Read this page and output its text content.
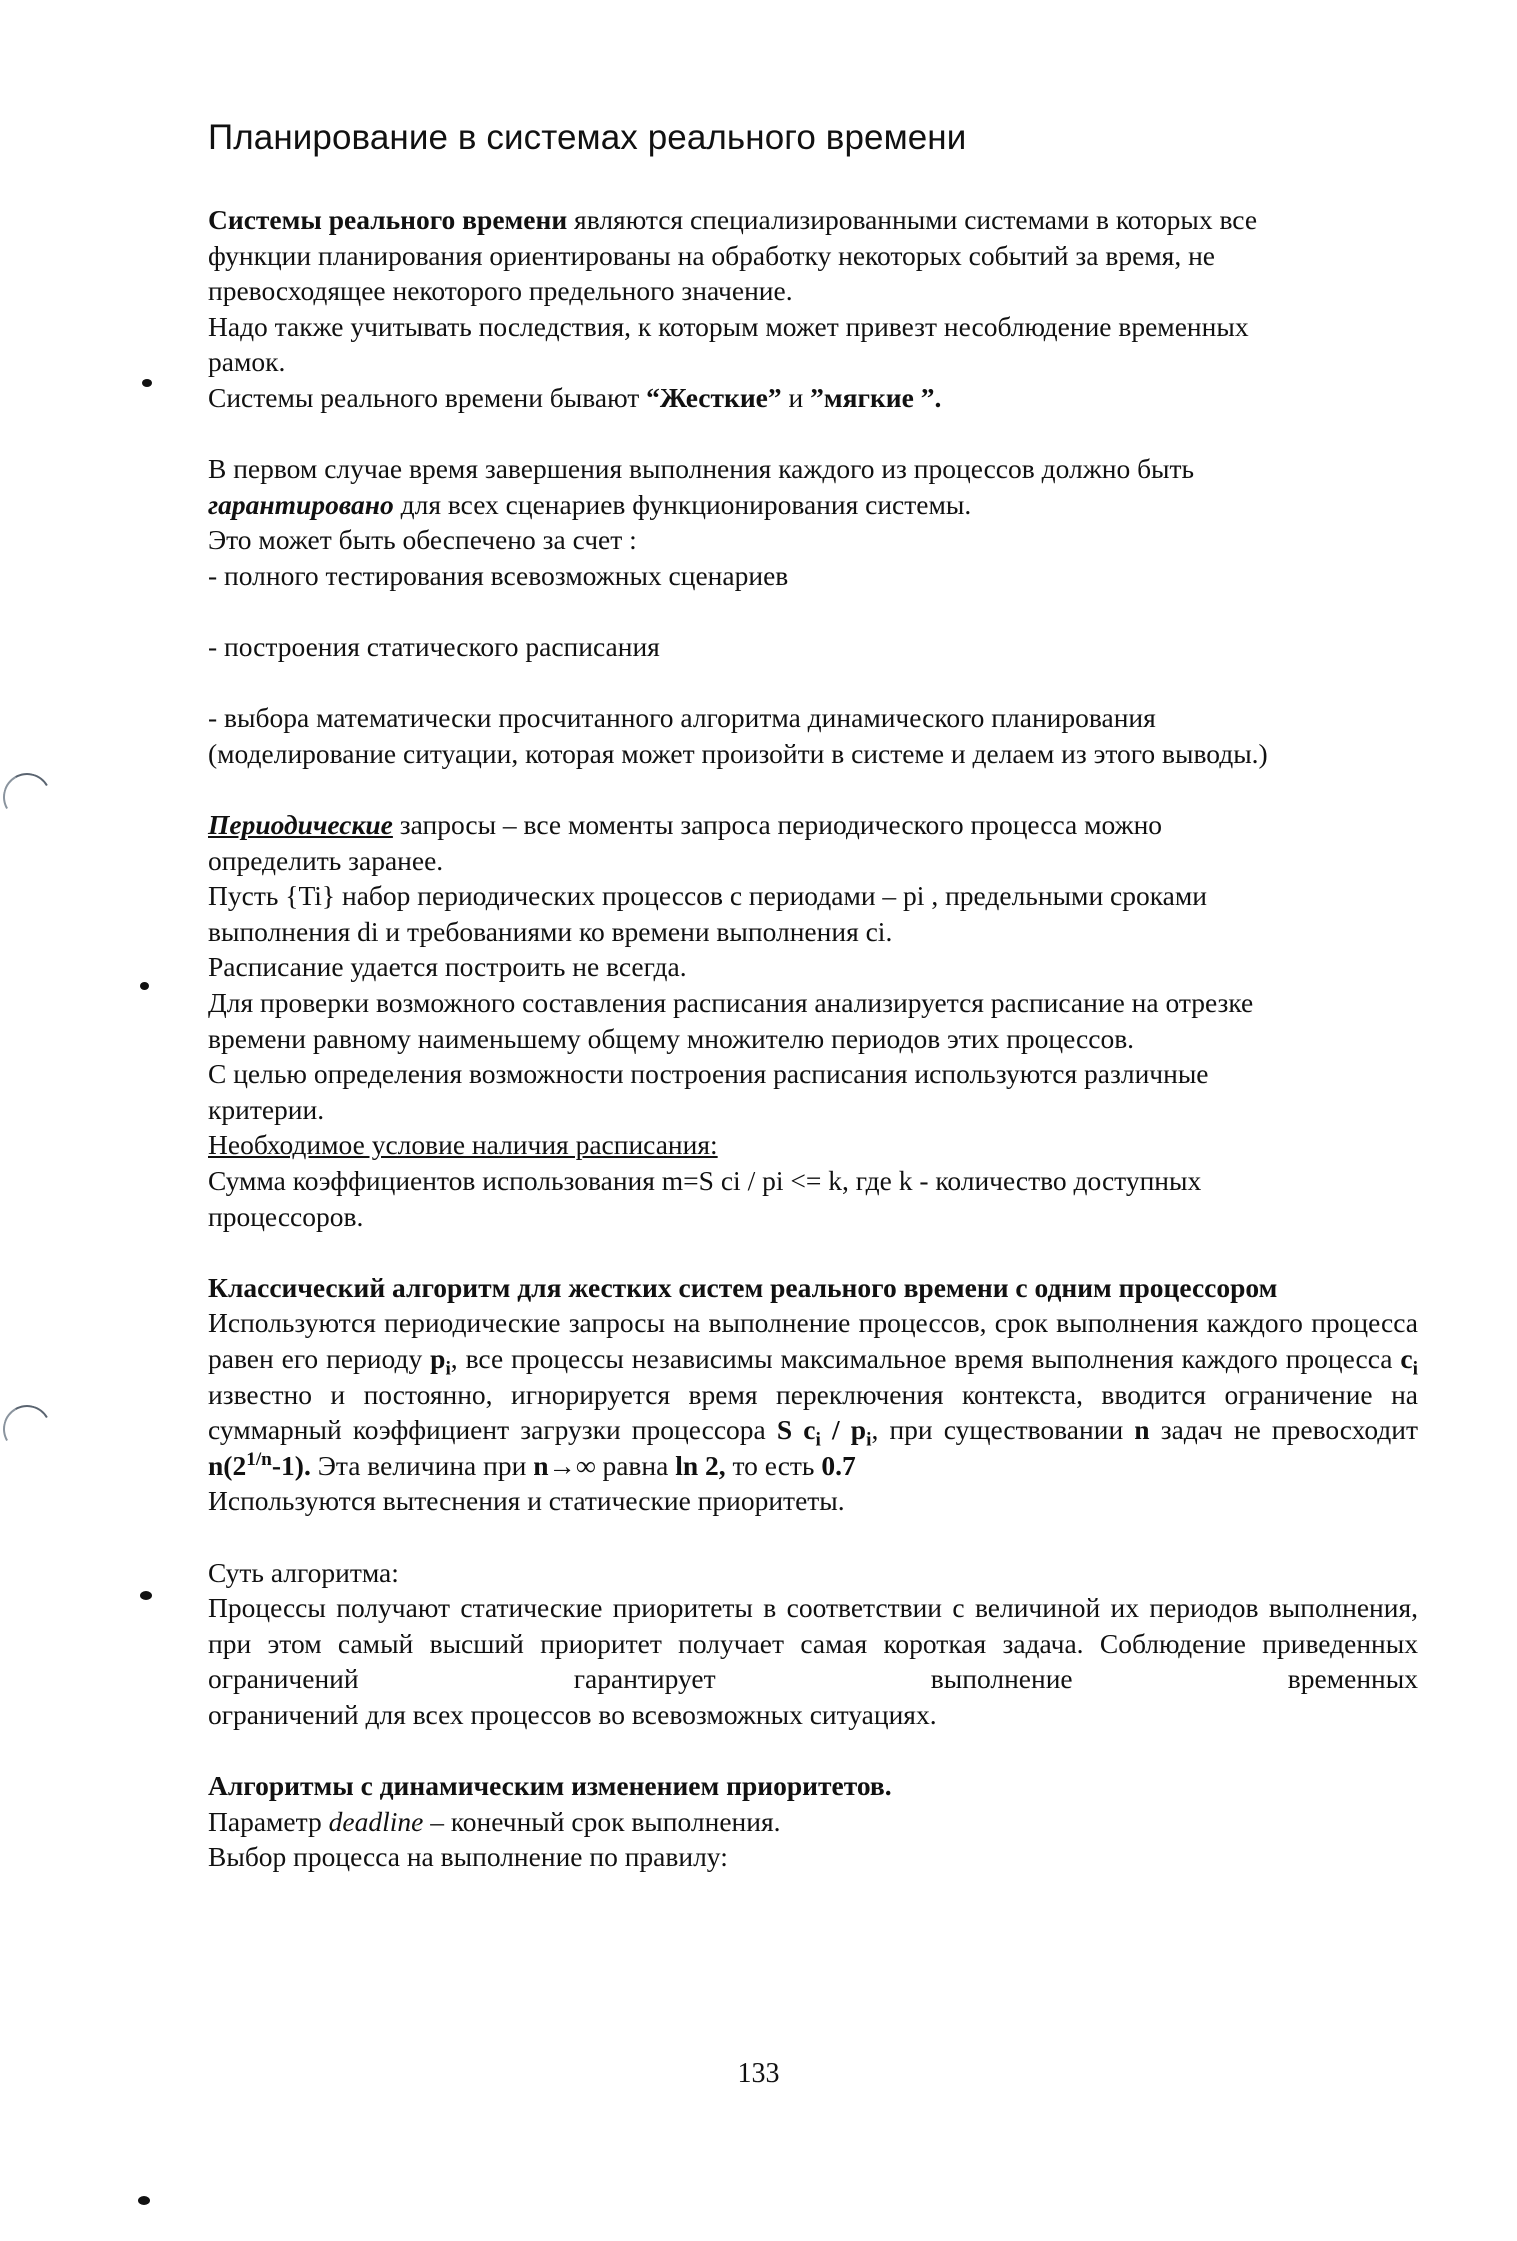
Планирование в системах реального времени

Системы реального времени являются специализированными системами в которых все

функции планирования ориентированы на обработку некоторых событий за время, не

превосходящее некоторого предельного значение.

Надо также учитывать последствия, к которым может привезт несоблюдение временных

рамок.

Системы реального времени бывают “Жесткие” и ”мягкие ”.

В первом случае время завершения выполнения каждого из процессов должно быть

гарантировано для всех сценариев функционирования системы.

Это может быть обеспечено за счет :

- полного тестирования всевозможных сценариев

- построения статического расписания

- выбора математически просчитанного алгоритма динамического планирования

(моделирование ситуации, которая может произойти в системе и делаем из этого выводы.)

Периодические запросы – все моменты запроса периодического процесса можно

определить заранее.

Пусть {Ti} набор периодических процессов с периодами – pi , предельными сроками

выполнения di и требованиями ко времени выполнения ci.

Расписание удается построить не всегда.

Для проверки возможного составления расписания анализируется расписание на отрезке

времени равному наименьшему общему множителю периодов этих процессов.

С целью определения возможности построения расписания используются различные

критерии.

Необходимое условие наличия расписания:

Сумма коэффициентов использования m=S ci / pi <= k, где k - количество доступных

процессоров.

Классический алгоритм для жестких систем реального времени с одним процессором

Используются периодические запросы на выполнение процессов, срок выполнения каждого процесса равен его периоду $p_i$, все процессы независимы максимальное время выполнения каждого процесса $c_i$ известно и постоянно, игнорируется время переключения контекста, вводится ограничение на суммарный коэффициент загрузки процессора S $c_i / p_i$, при существовании n задач не превосходит $n(2^{1/n}-1)$. Эта величина при n→∞ равна ln 2, то есть 0.7

Используются вытеснения и статические приоритеты.

Суть алгоритма:

Процессы получают статические приоритеты в соответствии с величиной их периодов выполнения, при этом самый высший приоритет получает самая короткая задача. Соблюдение приведенных ограничений гарантирует выполнение временных

ограничений для всех процессов во всевозможных ситуациях.

Алгоритмы с динамическим изменением приоритетов.

Параметр deadline – конечный срок выполнения.

Выбор процесса на выполнение по правилу:

133
